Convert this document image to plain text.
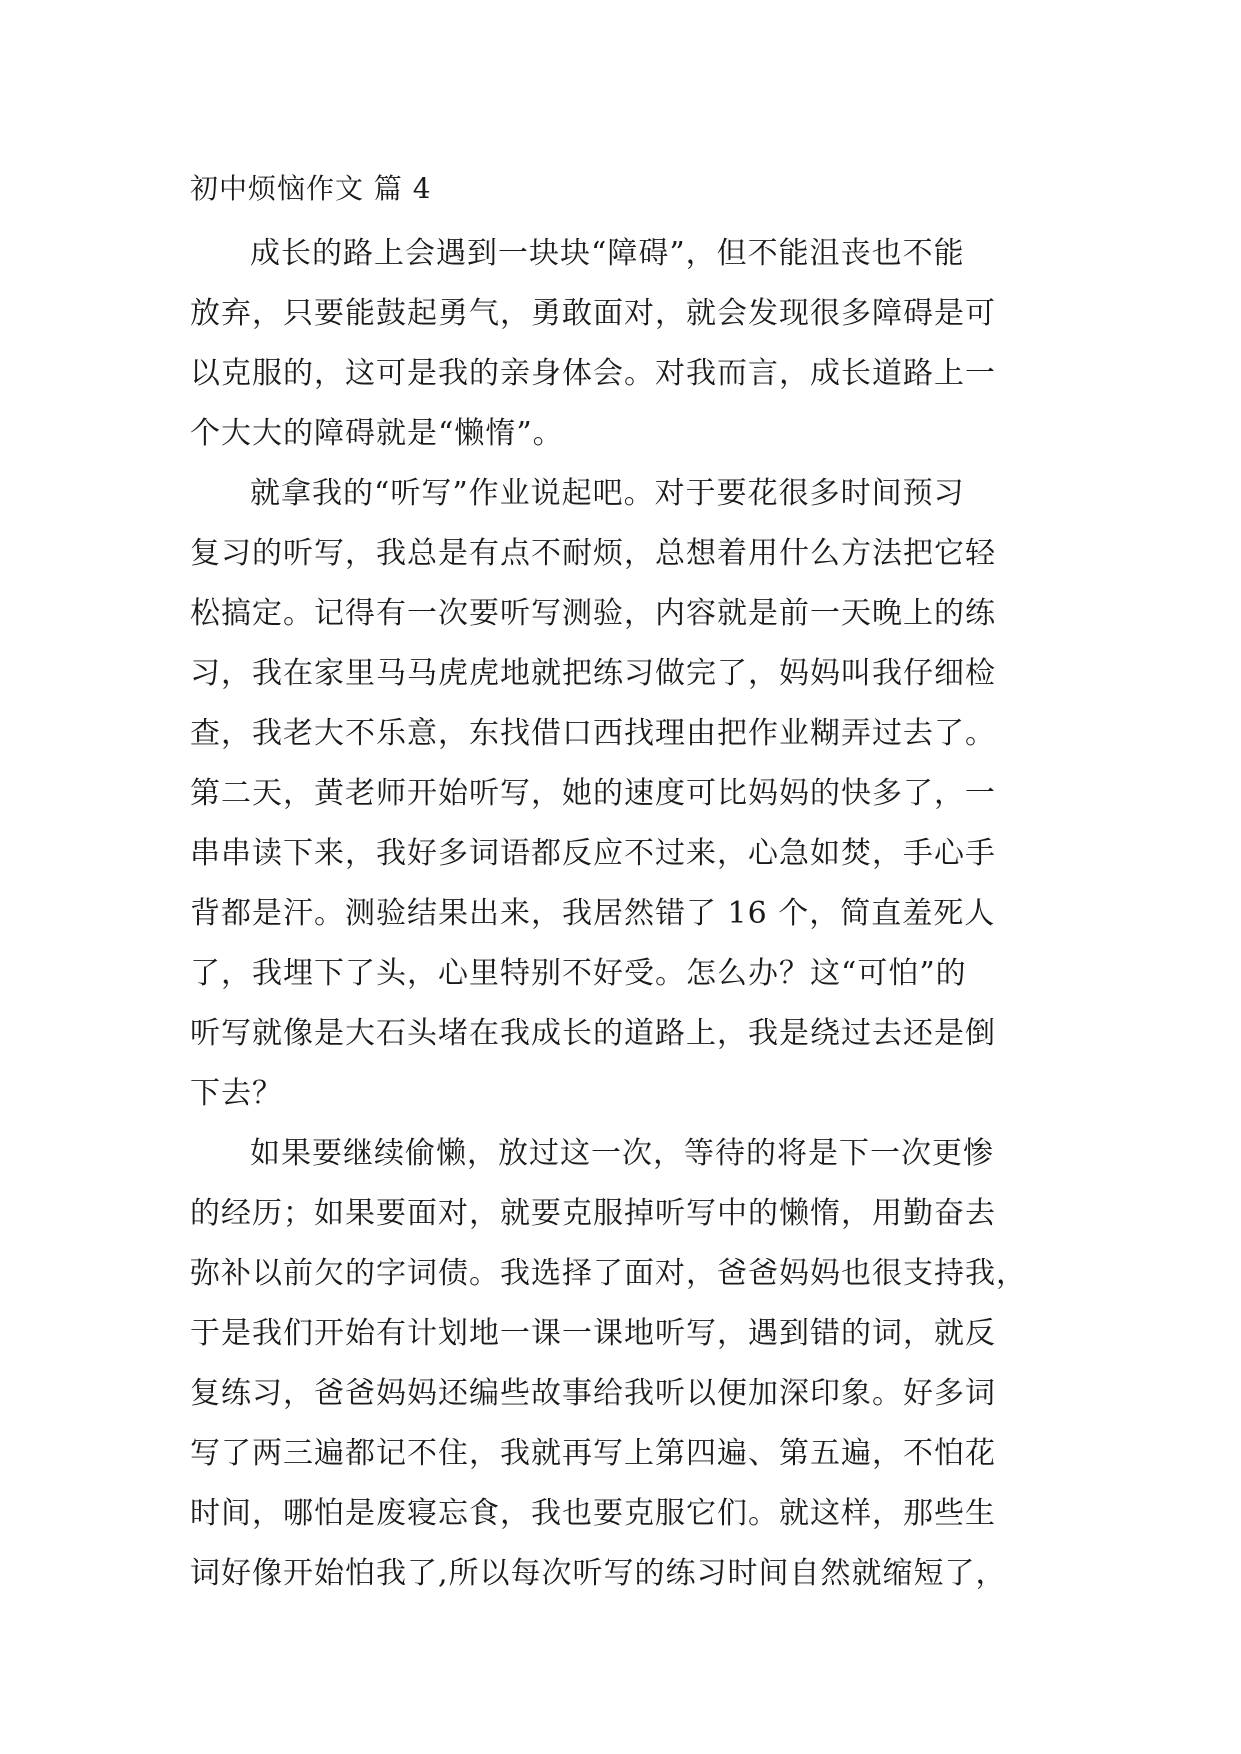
初中烦恼作文 篇 4

成长的路上会遇到一块块“障碍”，但不能沮丧也不能
放弃，只要能鼓起勇气，勇敢面对，就会发现很多障碍是可
以克服的，这可是我的亲身体会。对我而言，成长道路上一
个大大的障碍就是“懒惰”。

就拿我的“听写”作业说起吧。对于要花很多时间预习
复习的听写，我总是有点不耐烦，总想着用什么方法把它轻
松搞定。记得有一次要听写测验，内容就是前一天晚上的练
习，我在家里马马虎虎地就把练习做完了，妈妈叫我仔细检
查，我老大不乐意，东找借口西找理由把作业糊弄过去了。
第二天，黄老师开始听写，她的速度可比妈妈的快多了，一
串串读下来，我好多词语都反应不过来，心急如焚，手心手
背都是汗。测验结果出来，我居然错了 16 个，简直羞死人
了，我埋下了头，心里特别不好受。怎么办？这“可怕”的
听写就像是大石头堵在我成长的道路上，我是绕过去还是倒
下去？

如果要继续偷懒，放过这一次，等待的将是下一次更惨
的经历；如果要面对，就要克服掉听写中的懒惰，用勤奋去
弥补以前欠的字词债。我选择了面对，爸爸妈妈也很支持我，
于是我们开始有计划地一课一课地听写，遇到错的词，就反
复练习，爸爸妈妈还编些故事给我听以便加深印象。好多词
写了两三遍都记不住，我就再写上第四遍、第五遍，不怕花
时间，哪怕是废寝忘食，我也要克服它们。就这样，那些生
词好像开始怕我了,所以每次听写的练习时间自然就缩短了，
